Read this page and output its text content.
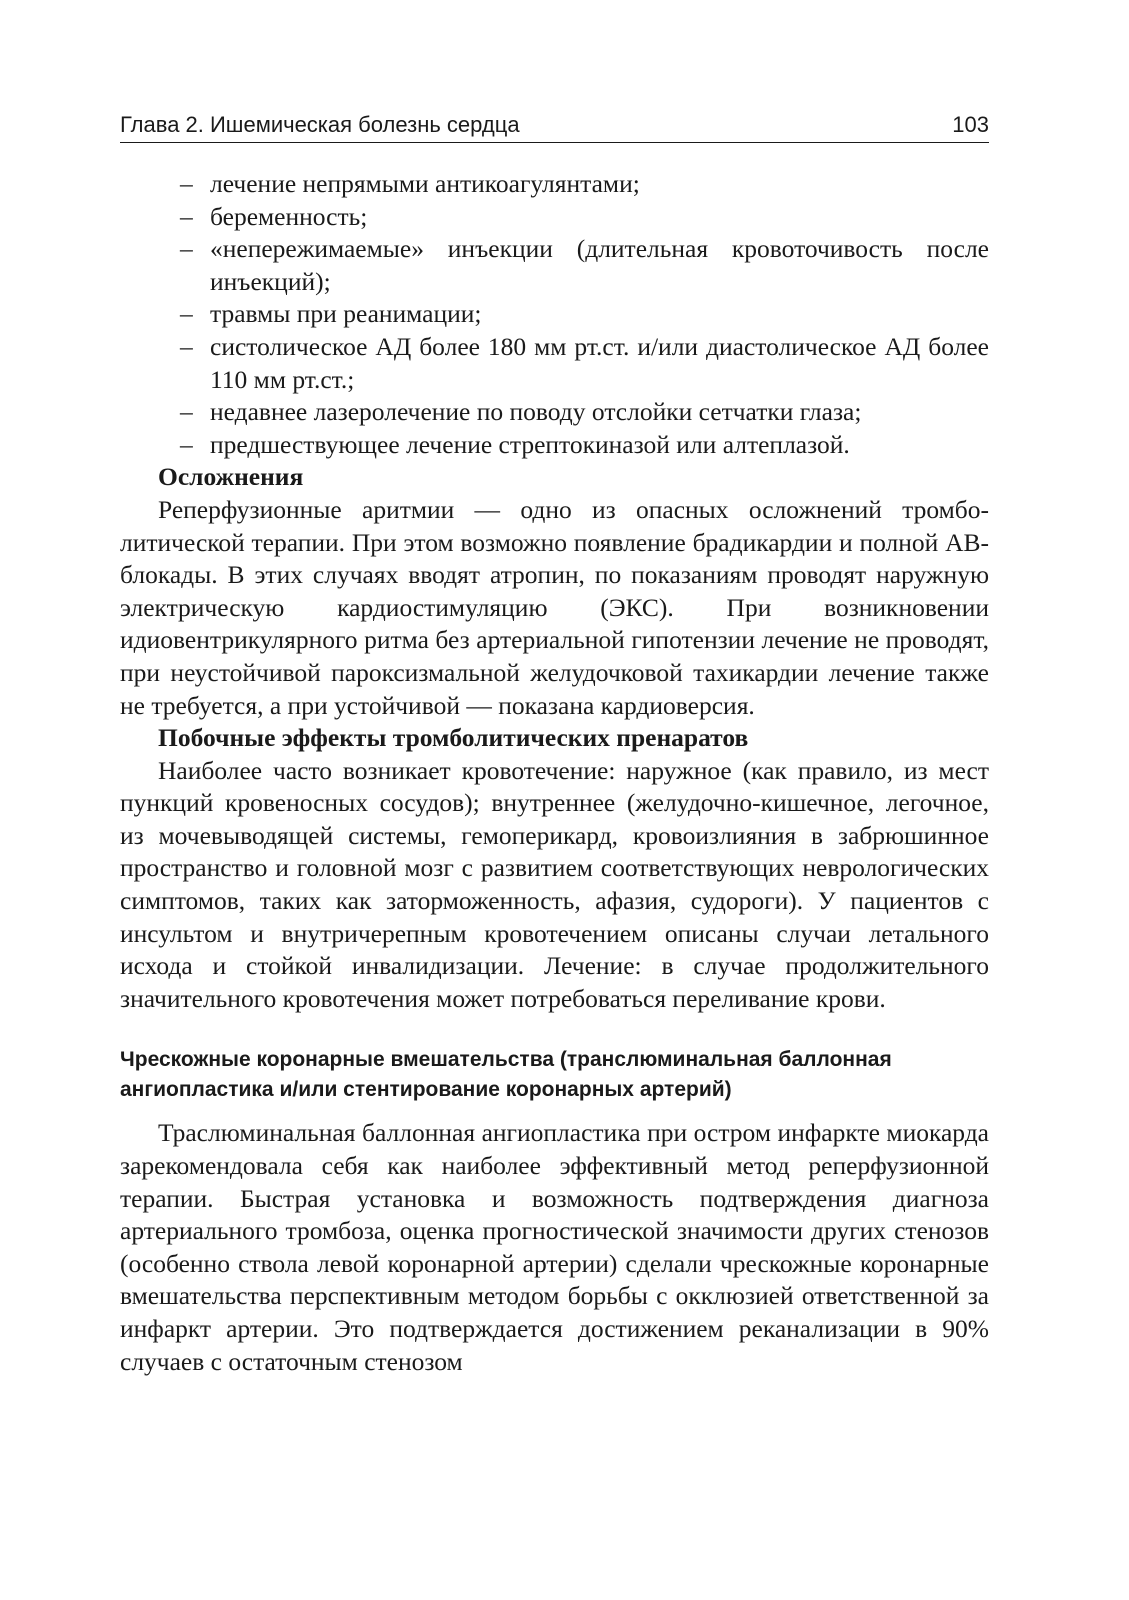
Глава 2. Ишемическая болезнь сердца	103
– лечение непрямыми антикоагулянтами;
– беременность;
– «непережимаемые» инъекции (длительная кровоточивость после инъекций);
– травмы при реанимации;
– систолическое АД более 180 мм рт.ст. и/или диастолическое АД более 110 мм рт.ст.;
– недавнее лазеролечение по поводу отслойки сетчатки глаза;
– предшествующее лечение стрептокиназой или алтеплазой.
Осложнения

Реперфузионные аритмии — одно из опасных осложнений тромболитической терапии. При этом возможно появление брадикардии и полной АВ-блокады. В этих случаях вводят атропин, по показаниям проводят наружную электрическую кардиостимуляцию (ЭКС). При возникновении идиовентрикулярного ритма без артериальной гипотензии лечение не проводят, при неустойчивой пароксизмальной желудочковой тахикардии лечение также не требуется, а при устойчивой — показана кардиоверсия.

Побочные эффекты тромболитических пренаратов

Наиболее часто возникает кровотечение: наружное (как правило, из мест пункций кровеносных сосудов); внутреннее (желудочно-кишечное, легочное, из мочевыводящей системы, гемоперикард, кровоизлияния в забрюшинное пространство и головной мозг с развитием соответствующих неврологических симптомов, таких как заторможенность, афазия, судороги). У пациентов с инсультом и внутричерепным кровотечением описаны случаи летального исхода и стойкой инвалидизации. Лечение: в случае продолжительного значительного кровотечения может потребоваться переливание крови.

Чрескожные коронарные вмешательства (транслюминальная баллонная ангиопластика и/или стентирование коронарных артерий)

Траслюминальная баллонная ангиопластика при остром инфаркте миокарда зарекомендовала себя как наиболее эффективный метод реперфузионной терапии. Быстрая установка и возможность подтверждения диагноза артериального тромбоза, оценка прогностической значимости других стенозов (особенно ствола левой коронарной артерии) сделали чрескожные коронарные вмешательства перспективным методом борьбы с окклюзией ответственной за инфаркт артерии. Это подтверждается достижением реканализации в 90% случаев с остаточным стенозом
